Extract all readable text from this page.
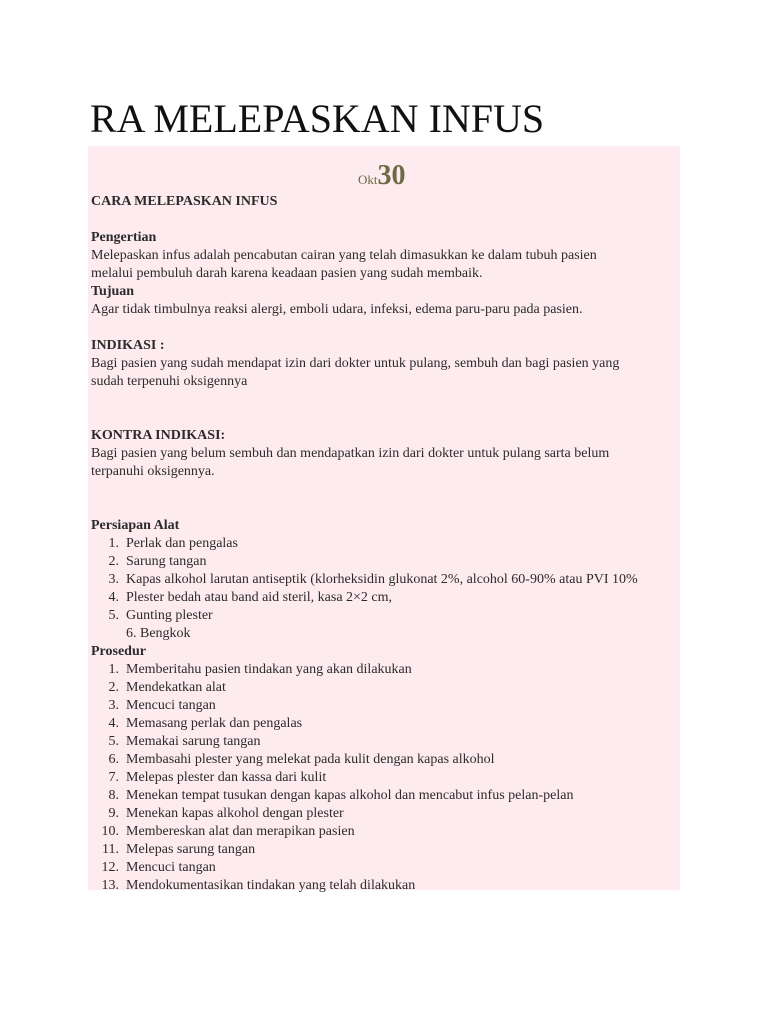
RA MELEPASKAN INFUS
Okt30
CARA MELEPASKAN INFUS
Pengertian
Melepaskan infus adalah pencabutan cairan yang telah dimasukkan ke dalam tubuh pasien
melalui pembuluh darah karena keadaan pasien yang sudah membaik.
Tujuan
Agar tidak timbulnya reaksi alergi, emboli udara, infeksi, edema paru-paru pada pasien.
INDIKASI :
Bagi pasien yang sudah mendapat izin dari dokter untuk pulang, sembuh dan bagi pasien yang
sudah terpenuhi oksigennya
KONTRA INDIKASI:
Bagi pasien yang belum sembuh dan mendapatkan izin dari dokter untuk pulang sarta belum
terpanuhi oksigennya.
Persiapan Alat
1. Perlak dan pengalas
2. Sarung tangan
3. Kapas alkohol larutan antiseptik (klorheksidin glukonat 2%, alcohol 60-90% atau PVI 10%
4. Plester bedah atau band aid steril, kasa 2×2 cm,
5. Gunting plester
6. Bengkok
Prosedur
1. Memberitahu pasien tindakan yang akan dilakukan
2. Mendekatkan alat
3. Mencuci tangan
4. Memasang perlak dan pengalas
5. Memakai sarung tangan
6. Membasahi plester yang melekat pada kulit dengan kapas alkohol
7. Melepas plester dan kassa dari kulit
8. Menekan tempat tusukan dengan kapas alkohol dan mencabut infus pelan-pelan
9. Menekan kapas alkohol dengan plester
10. Membereskan alat dan merapikan pasien
11. Melepas sarung tangan
12. Mencuci tangan
13. Mendokumentasikan tindakan yang telah dilakukan
